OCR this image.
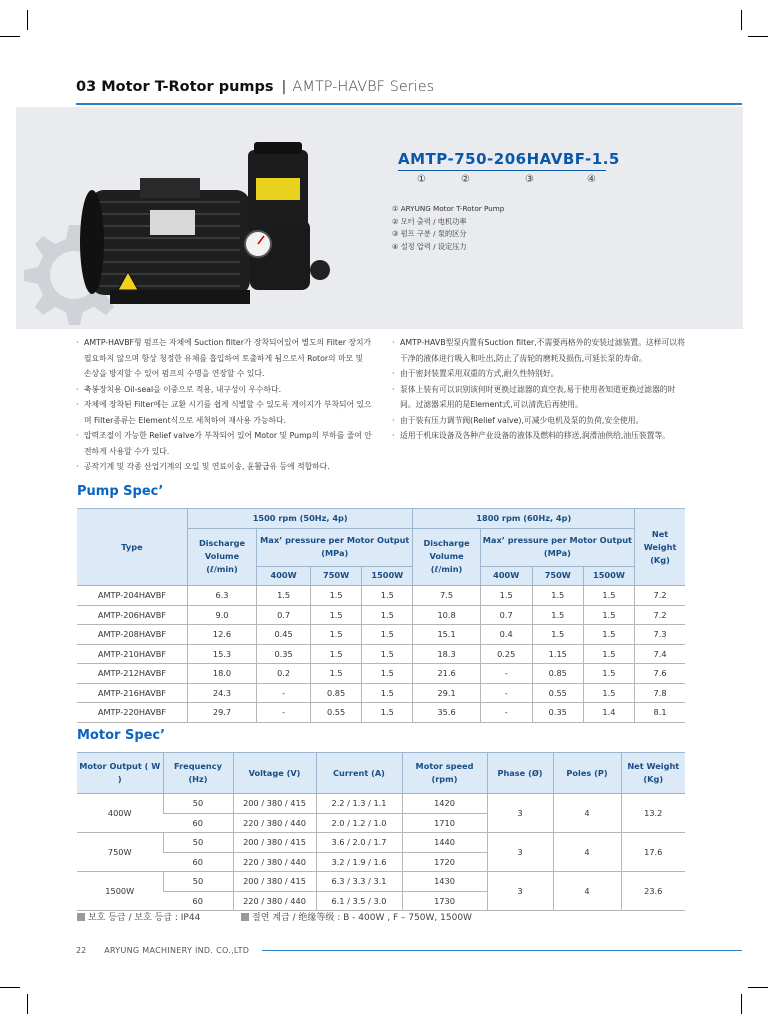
03 Motor T-Rotor pumps | AMTP-HAVBF Series
AMTP-750-206HAVBF-1.5
①	②	③	④
① ARYUNG Motor T-Rotor Pump
② 모터 출력 / 电机功率
③ 펌프 구분 / 泵的区分
④ 설정 압력 / 设定压力
· AMTP-HAVBF형 펌프는 자체에 Suction filter가 장착되어있어 별도의 Filter 장치가 필요하지 않으며 항상 청정한 유체를 흡입하여 토출하게 됨으로서 Rotor의 마모 및 손상을 방지할 수 있어 펌프의 수명을 연장할 수 있다.
· 축봉장치용 Oil-seal을 이중으로 적용, 내구성이 우수하다.
· 자체에 장착된 Filter에는 교환 시기를 쉽게 식별할 수 있도록 게이지가 부착되어 있으며 Filter종류는 Element식으로 세척하여 재사용 가능하다.
· 압력조절이 가능한 Relief valve가 부착되어 있어 Motor 및 Pump의 부하를 줄여 안전하게 사용할 수가 있다.
· 공작기계 및 각종 산업기계의 오일 및 연료이송, 윤활급유 등에 적합하다.
· AMTP-HAVB型泵内置有Suction filter,不需要再格外的安装过滤装置。这样可以将干净的液体进行吸入和吐出,防止了齿轮的磨耗及损伤,可延长泵的寿命。
· 由于密封装置采用双重的方式,耐久性特别好。
· 泵体上装有可以识别该何时更换过滤器的真空表,易于使用者知道更换过滤器的时间。过滤器采用的是Element式,可以清洗后再使用。
· 由于装有压力调节阀(Relief valve),可减少电机及泵的负荷,安全使用。
· 适用于机床设备及各种产业设备的液体及燃料的移送,润滑油供给,油压装置等。
Pump Spec’
Type	1500 rpm (50Hz, 4p)				1800 rpm (60Hz, 4p)				Net Weight (Kg)
	Discharge Volume (ℓ/min)	Max’ pressure per Motor Output (MPa)			Discharge Volume (ℓ/min)	Max’ pressure per Motor Output (MPa)			
		400W	750W	1500W		400W	750W	1500W	
AMTP-204HAVBF	6.3	1.5	1.5	1.5	7.5	1.5	1.5	1.5	7.2
AMTP-206HAVBF	9.0	0.7	1.5	1.5	10.8	0.7	1.5	1.5	7.2
AMTP-208HAVBF	12.6	0.45	1.5	1.5	15.1	0.4	1.5	1.5	7.3
AMTP-210HAVBF	15.3	0.35	1.5	1.5	18.3	0.25	1.15	1.5	7.4
AMTP-212HAVBF	18.0	0.2	1.5	1.5	21.6	-	0.85	1.5	7.6
AMTP-216HAVBF	24.3	-	0.85	1.5	29.1	-	0.55	1.5	7.8
AMTP-220HAVBF	29.7	-	0.55	1.5	35.6	-	0.35	1.4	8.1
Motor Spec’
Motor Output ( W )	Frequency (Hz)	Voltage (V)	Current (A)	Motor speed (rpm)	Phase (Ø)	Poles (P)	Net Weight (Kg)
400W	50	200 / 380 / 415	2.2 / 1.3 / 1.1	1420	3	4	13.2
	60	220 / 380 / 440	2.0 / 1.2 / 1.0	1710			
750W	50	200 / 380 / 415	3.6 / 2.0 / 1.7	1440	3	4	17.6
	60	220 / 380 / 440	3.2 / 1.9 / 1.6	1720			
1500W	50	200 / 380 / 415	6.3 / 3.3 / 3.1	1430	3	4	23.6
	60	220 / 380 / 440	6.1 / 3.5 / 3.0	1730			
보호 등급 / 보호 등급 : IP44	절연 계급 / 绝缘等级 : B - 400W , F – 750W, 1500W
22 ARYUNG MACHINERY IND. CO.,LTD
